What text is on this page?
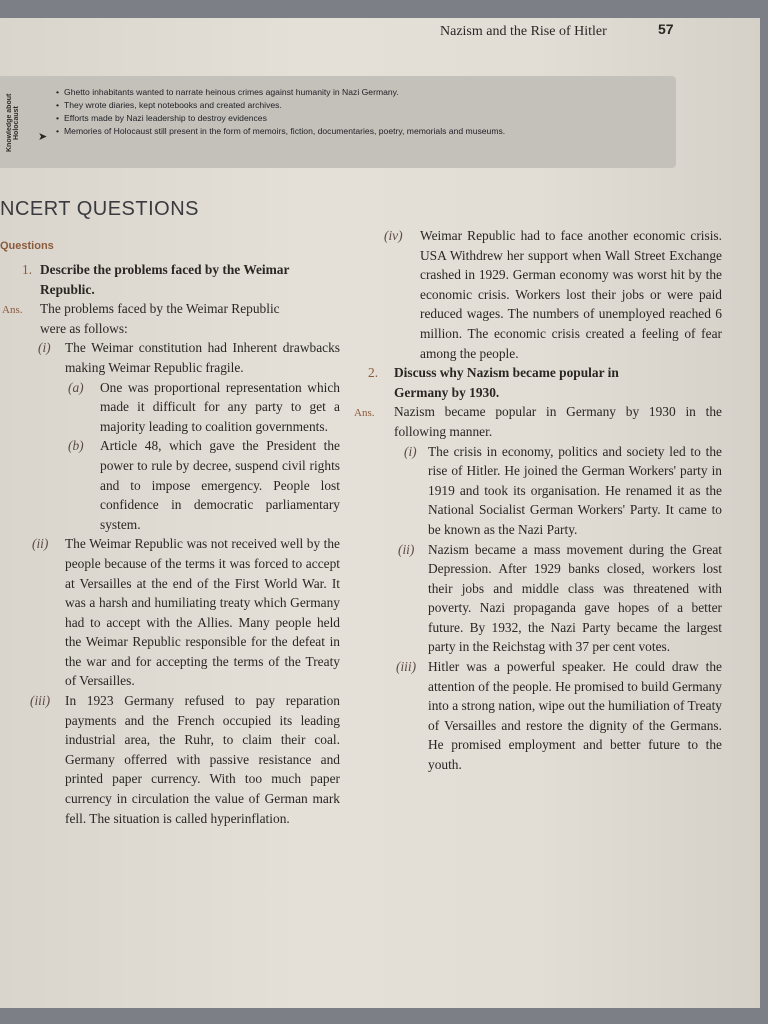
Nazism and the Rise of Hitler	57
Knowledge about Holocaust	➤
• Ghetto inhabitants wanted to narrate heinous crimes against humanity in Nazi Germany.
• They wrote diaries, kept notebooks and created archives.
• Efforts made by Nazi leadership to destroy evidences
• Memories of Holocaust still present in the form of memoirs, fiction, documentaries, poetry, memorials and museums.
NCERT QUESTIONS
Questions

1. Describe the problems faced by the Weimar
Republic.

Ans. The problems faced by the Weimar Republic
were as follows:

(i) The Weimar constitution had Inherent drawbacks making Weimar Republic fragile.

(a) One was proportional representation which made it difficult for any party to get a majority leading to coalition governments.

(b) Article 48, which gave the President the power to rule by decree, suspend civil rights and to impose emergency. People lost confidence in democratic parliamentary system.

(ii) The Weimar Republic was not received well by the people because of the terms it was forced to accept at Versailles at the end of the First World War. It was a harsh and humiliating treaty which Germany had to accept with the Allies. Many people held the Weimar Republic responsible for the defeat in the war and for accepting the terms of the Treaty of Versailles.

(iii) In 1923 Germany refused to pay reparation payments and the French occupied its leading industrial area, the Ruhr, to claim their coal. Germany offerred with passive resistance and printed paper currency. With too much paper currency in circulation the value of German mark fell. The situation is called hyperinflation.

(iv) Weimar Republic had to face another economic crisis. USA Withdrew her support when Wall Street Exchange crashed in 1929. German economy was worst hit by the economic crisis. Workers lost their jobs or were paid reduced wages. The numbers of unemployed reached 6 million. The economic crisis created a feeling of fear among the people.

2. Discuss why Nazism became popular in
Germany by 1930.

Ans. Nazism became popular in Germany by 1930 in the following manner.

(i) The crisis in economy, politics and society led to the rise of Hitler. He joined the German Workers' party in 1919 and took its organisation. He renamed it as the National Socialist German Workers' Party. It came to be known as the Nazi Party.

(ii) Nazism became a mass movement during the Great Depression. After 1929 banks closed, workers lost their jobs and middle class was threatened with poverty. Nazi propaganda gave hopes of a better future. By 1932, the Nazi Party became the largest party in the Reichstag with 37 per cent votes.

(iii) Hitler was a powerful speaker. He could draw the attention of the people. He promised to build Germany into a strong nation, wipe out the humiliation of Treaty of Versailles and restore the dignity of the Germans. He promised employment and better future to the youth.
